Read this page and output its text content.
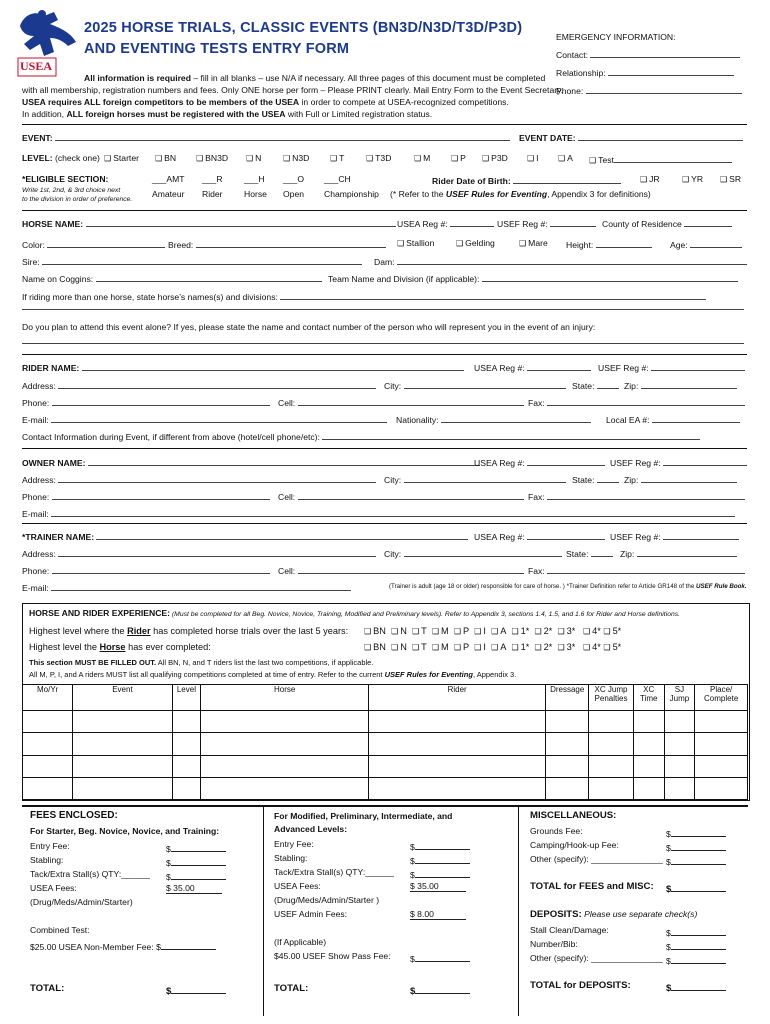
USEA
2025 HORSE TRIALS, CLASSIC EVENTS (BN3D/N3D/T3D/P3D)
AND EVENTING TESTS ENTRY FORM
All information is required – fill in all blanks – use N/A if necessary. All three pages of this document must be completed
with all membership, registration numbers and fees. Only ONE horse per form – Please PRINT clearly. Mail Entry Form to the Event Secretary.
USEA requires ALL foreign competitors to be members of the USEA in order to compete at USEA-recognized competitions.
In addition, ALL foreign horses must be registered with the USEA with Full or Limited registration status.
EMERGENCY INFORMATION:
Contact:
Relationship:
Phone:
EVENT:	EVENT DATE:
LEVEL: (check one) ❑	Starter ❑	BN ❑	BN3D ❑	N ❑	N3D ❑	T ❑	T3D ❑	M ❑	P ❑	P3D ❑	I ❑	A ❑	Test
*ELIGIBLE SECTION:
Write 1st, 2nd, & 3rd choice next
to the division in order of preference.
___AMT
Amateur
___R
Rider
___H
Horse
___O
Open
___CH
Championship
Rider Date of Birth: ❑	JR ❑	YR ❑	SR
(* Refer to the USEF Rules for Eventing, Appendix 3 for definitions)
HORSE NAME:	USEA Reg #:	USEF Reg #:	County of Residence
Color:	Breed: ❑	Stallion ❑	Gelding ❑	Mare Height:	Age:
Sire:	Dam:
Name on Coggins:	Team Name and Division (if applicable):
If riding more than one horse, state horse’s names(s) and divisions:
Do you plan to attend this event alone? If yes, please state the name and contact number of the person who will represent you in the event of an injury:
RIDER NAME:	USEA Reg #:	USEF Reg #:
Address:	City:	State:	Zip:
Phone:	Cell:	Fax:
E-mail:	Nationality:	Local EA #:
Contact Information during Event, if different from above (hotel/cell phone/etc):
OWNER NAME:	USEA Reg #:	USEF Reg #:
Address:	City:	State:	Zip:
Phone:	Cell:	Fax:
E-mail:
*TRAINER NAME:	USEA Reg #:	USEF Reg #:
Address:	City:	State:	Zip:
Phone:	Cell:	Fax:
E-mail:	(Trainer is adult (age 18 or older) responsible for care of horse. ) *Trainer Definition refer to Article GR148 of the USEF Rule Book.
HORSE AND RIDER EXPERIENCE: (Must be completed for all Beg. Novice, Novice, Training, Modified and Preliminary levels). Refer to Appendix 3, sections 1.4, 1.5, and 1.6 for Rider and Horse definitions.
Highest level where the Rider has completed horse trials over the last 5 years:
Highest level the Horse has ever completed:
❑ BN ❑ N ❑ T ❑ M ❑ P ❑ I ❑ A ❑ 1* ❑ 2* ❑ 3* ❑ 4* ❑ 5*
❑ BN ❑ N ❑ T ❑ M ❑ P ❑ I ❑ A ❑ 1* ❑ 2* ❑ 3* ❑ 4* ❑ 5*
This section MUST BE FILLED OUT. All BN, N, and T riders list the last two competitions, if applicable.
All M, P, I, and A riders MUST list all qualifying competitions completed at time of entry. Refer to the current USEF Rules for Eventing, Appendix 3.
Mo/Yr	Event	Level	Horse	Rider	Dressage	XC Jump Penalties	XC Time	SJ Jump	Place/ Complete

FEES ENCLOSED:
For Starter, Beg. Novice, Novice, and Training:
Entry Fee:	$
Stabling:	$
Tack/Extra Stall(s) QTY:______ $
USEA Fees:	$ 35.00
(Drug/Meds/Admin/Starter)
Combined Test:
$25.00 USEA Non-Member Fee: $
TOTAL:	$
For Modified, Preliminary, Intermediate, and
Advanced Levels:
Entry Fee:	$
Stabling:	$
Tack/Extra Stall(s) QTY:______ $
USEA Fees:	$ 35.00
(Drug/Meds/Admin/Starter )
USEF Admin Fees:	$ 8.00
(If Applicable)
$45.00 USEF Show Pass Fee: $
TOTAL:	$
MISCELLANEOUS:
Grounds Fee:	$
Camping/Hook-up Fee:	$
Other (specify): _______________ $
TOTAL for FEES and MISC: $
DEPOSITS: Please use separate check(s)
Stall Clean/Damage:	$
Number/Bib:	$
Other (specify): _______________ $
TOTAL for DEPOSITS:	$
